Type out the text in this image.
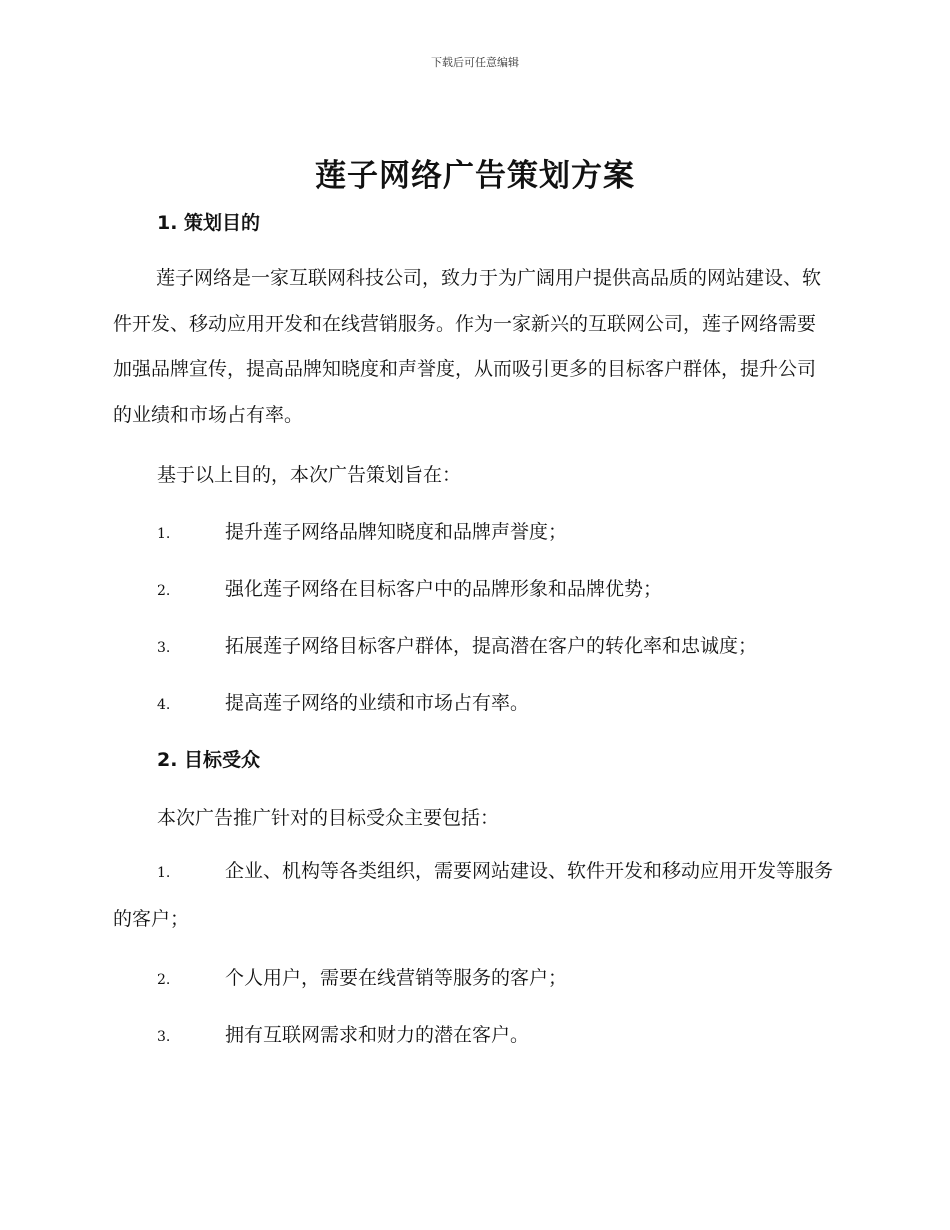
下载后可任意编辑
莲子网络广告策划方案
1. 策划目的

莲子网络是一家互联网科技公司，致力于为广阔用户提供高品质的网站建设、软件开发、移动应用开发和在线营销服务。作为一家新兴的互联网公司，莲子网络需要加强品牌宣传，提高品牌知晓度和声誉度，从而吸引更多的目标客户群体，提升公司的业绩和市场占有率。

基于以上目的，本次广告策划旨在：
1.	提升莲子网络品牌知晓度和品牌声誉度；
2.	强化莲子网络在目标客户中的品牌形象和品牌优势；
3.	拓展莲子网络目标客户群体，提高潜在客户的转化率和忠诚度；
4.	提高莲子网络的业绩和市场占有率。
2. 目标受众
本次广告推广针对的目标受众主要包括：
1.	企业、机构等各类组织，需要网站建设、软件开发和移动应用开发等服务的客户；
2.	个人用户，需要在线营销等服务的客户；
3.	拥有互联网需求和财力的潜在客户。
